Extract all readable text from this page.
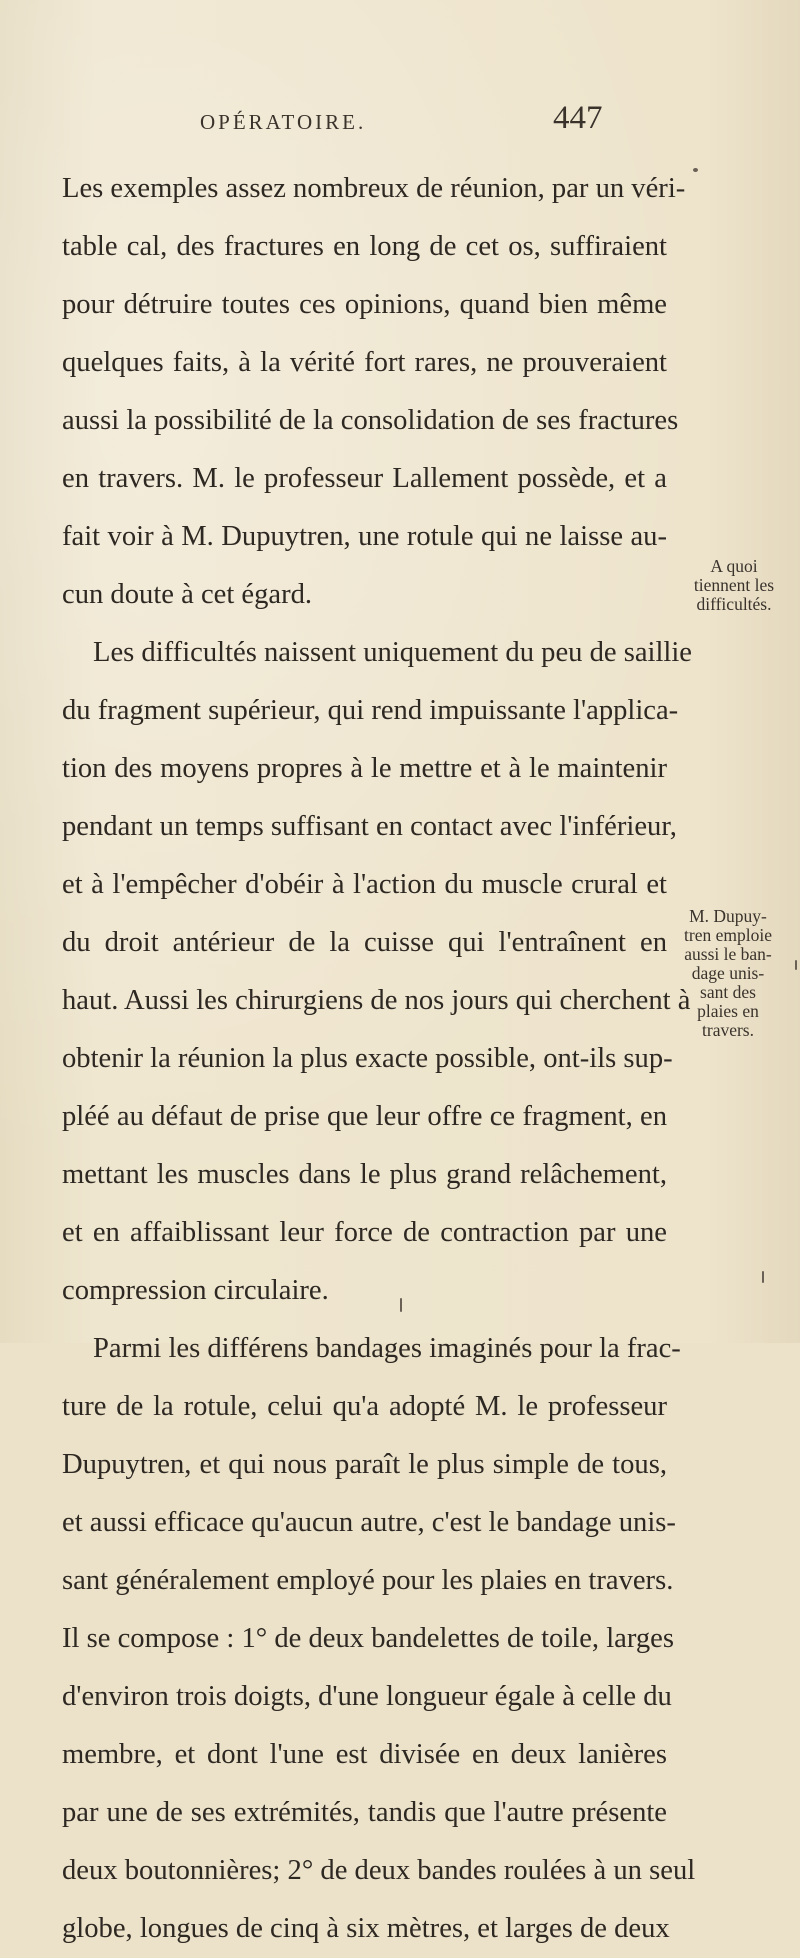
OPÉRATOIRE.	447
Les exemples assez nombreux de réunion, par un véri-
table cal, des fractures en long de cet os, suffiraient
pour détruire toutes ces opinions, quand bien même
quelques faits, à la vérité fort rares, ne prouveraient
aussi la possibilité de la consolidation de ses fractures
en travers. M. le professeur Lallement possède, et a
fait voir à M. Dupuytren, une rotule qui ne laisse au-
cun doute à cet égard.
Les difficultés naissent uniquement du peu de saillie
du fragment supérieur, qui rend impuissante l'applica-
tion des moyens propres à le mettre et à le maintenir
pendant un temps suffisant en contact avec l'inférieur,
et à l'empêcher d'obéir à l'action du muscle crural et
du droit antérieur de la cuisse qui l'entraînent en
haut. Aussi les chirurgiens de nos jours qui cherchent à
obtenir la réunion la plus exacte possible, ont-ils sup-
pléé au défaut de prise que leur offre ce fragment, en
mettant les muscles dans le plus grand relâchement,
et en affaiblissant leur force de contraction par une
compression circulaire.
Parmi les différens bandages imaginés pour la frac-
ture de la rotule, celui qu'a adopté M. le professeur
Dupuytren, et qui nous paraît le plus simple de tous,
et aussi efficace qu'aucun autre, c'est le bandage unis-
sant généralement employé pour les plaies en travers.
Il se compose : 1° de deux bandelettes de toile, larges
d'environ trois doigts, d'une longueur égale à celle du
membre, et dont l'une est divisée en deux lanières
par une de ses extrémités, tandis que l'autre présente
deux boutonnières; 2° de deux bandes roulées à un seul
globe, longues de cinq à six mètres, et larges de deux
A quoi
tiennent les
difficultés.
M. Dupuy-
tren emploie
aussi le ban-
dage unis-
sant des
plaies en
travers.
